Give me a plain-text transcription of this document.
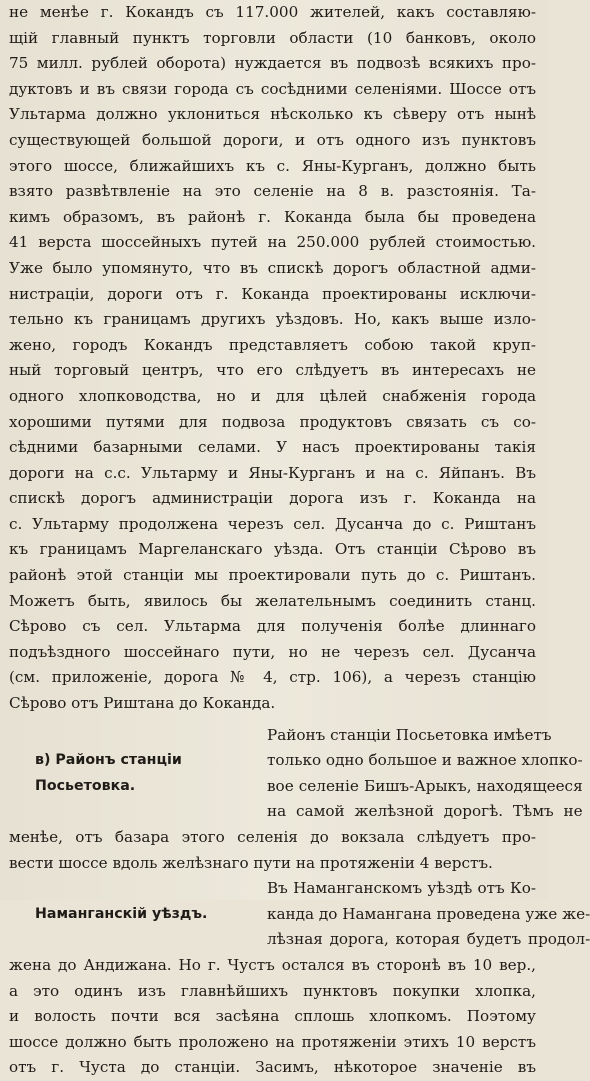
не менѣе г. Кокандъ съ 117.000 жителей, какъ составляю-
щій главный пунктъ торговли области (10 банковъ, около
75 милл. рублей оборота) нуждается въ подвозѣ всякихъ про-
дуктовъ и въ связи города съ сосѣдними селеніями. Шоссе отъ
Ультарма должно уклониться нѣсколько къ сѣверу отъ нынѣ
существующей большой дороги, и отъ одного изъ пунктовъ
этого шоссе, ближайшихъ къ с. Яны-Курганъ, должно быть
взято развѣтвленіе на это селеніе на 8 в. разстоянія. Та-
кимъ образомъ, въ районѣ г. Коканда была бы проведена
41 верста шоссейныхъ путей на 250.000 рублей стоимостью.
Уже было упомянуто, что въ спискѣ дорогъ областной адми-
нистраціи, дороги отъ г. Коканда проектированы исключи-
тельно къ границамъ другихъ уѣздовъ. Но, какъ выше изло-
жено, городъ Кокандъ представляетъ собою такой круп-
ный торговый центръ, что его слѣдуетъ въ интересахъ не
одного хлопководства, но и для цѣлей снабженія города
хорошими путями для подвоза продуктовъ связать съ со-
сѣдними базарными селами. У насъ проектированы такія
дороги на с.с. Ультарму и Яны-Курганъ и на с. Яйпанъ. Въ
спискѣ дорогъ администраціи дорога изъ г. Коканда на
с. Ультарму продолжена черезъ сел. Дусанча до с. Риштанъ
къ границамъ Маргеланскаго уѣзда. Отъ станціи Сѣрово въ
районѣ этой станціи мы проектировали путь до с. Риштанъ.
Можетъ быть, явилось бы желательнымъ соединить станц.
Сѣрово съ сел. Ультарма для полученія болѣе длиннаго
подъѣздного шоссейнаго пути, но не черезъ сел. Дусанча
(см. приложеніе, дорога № 4, стр. 106), а черезъ станцію
Сѣрово отъ Риштана до Коканда.
Районъ станціи Посьетовка имѣетъ
в) Районъ станціи
Посьетовка.
только одно большое и важное хлопко-
вое селеніе Бишъ-Арыкъ, находящееся
на самой желѣзной дорогѣ. Тѣмъ не
менѣе, отъ базара этого селенія до вокзала слѣдуетъ про-
вести шоссе вдоль желѣзнаго пути на протяженіи 4 верстъ.
Въ Наманганскомъ уѣздѣ отъ Ко-
Наманганскій уѣздъ.	канда до Намангана проведена уже же-
лѣзная дорога, которая будетъ продол-
жена до Андижана. Но г. Чустъ остался въ сторонѣ въ 10 вер.,
а это одинъ изъ главнѣйшихъ пунктовъ покупки хлопка,
и волость почти вся засѣяна сплошь хлопкомъ. Поэтому
шоссе должно быть проложено на протяженіи этихъ 10 верстъ
отъ г. Чуста до станціи. Засимъ, нѣкоторое значеніе въ
